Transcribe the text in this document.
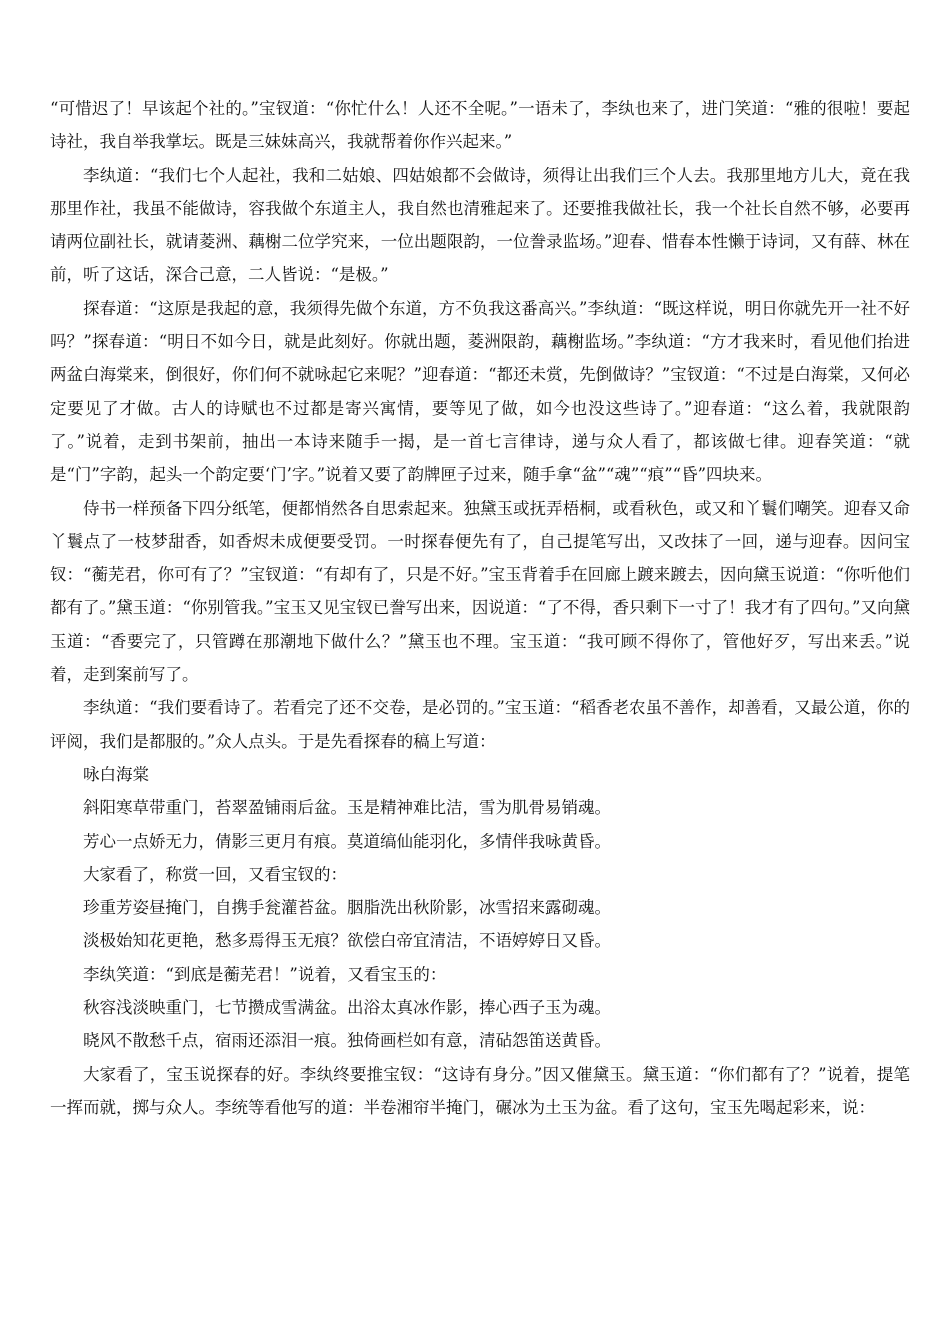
“可惜迟了！早该起个社的。”宝钗道：“你忙什么！人还不全呢。”一语未了，李纨也来了，进门笑道：“雅的很啦！要起诗社，我自举我掌坛。既是三妹妹高兴，我就帮着你作兴起来。”

李纨道：“我们七个人起社，我和二姑娘、四姑娘都不会做诗，须得让出我们三个人去。我那里地方儿大，竟在我那里作社，我虽不能做诗，容我做个东道主人，我自然也清雅起来了。还要推我做社长，我一个社长自然不够，必要再请两位副社长，就请菱洲、藕榭二位学究来，一位出题限韵，一位誊录监场。”迎春、惜春本性懒于诗词，又有薛、林在前，听了这话，深合己意，二人皆说：“是极。”

探春道：“这原是我起的意，我须得先做个东道，方不负我这番高兴。”李纨道：“既这样说，明日你就先开一社不好吗？”探春道：“明日不如今日，就是此刻好。你就出题，菱洲限韵，藕榭监场。”李纨道：“方才我来时，看见他们抬进两盆白海棠来，倒很好，你们何不就咏起它来呢？”迎春道：“都还未赏，先倒做诗？”宝钗道：“不过是白海棠，又何必定要见了才做。古人的诗赋也不过都是寄兴寓情，要等见了做，如今也没这些诗了。”迎春道：“这么着，我就限韵了。”说着，走到书架前，抽出一本诗来随手一揭，是一首七言律诗，递与众人看了，都该做七律。迎春笑道：“就是“门”字韵，起头一个韵定要‘门’字。”说着又要了韵牌匣子过来，随手拿“盆”“魂”“痕”“昏”四块来。

侍书一样预备下四分纸笔，便都悄然各自思索起来。独黛玉或抚弄梧桐，或看秋色，或又和丫鬟们嘲笑。迎春又命丫鬟点了一枝梦甜香，如香烬未成便要受罚。一时探春便先有了，自己提笔写出，又改抹了一回，递与迎春。因问宝钗：“蘅芜君，你可有了？”宝钗道：“有却有了，只是不好。”宝玉背着手在回廊上踱来踱去，因向黛玉说道：“你听他们都有了。”黛玉道：“你别管我。”宝玉又见宝钗已誊写出来，因说道：“了不得，香只剩下一寸了！我才有了四句。”又向黛玉道：“香要完了，只管蹲在那潮地下做什么？”黛玉也不理。宝玉道：“我可顾不得你了，管他好歹，写出来丢。”说着，走到案前写了。

李纨道：“我们要看诗了。若看完了还不交卷，是必罚的。”宝玉道：“稻香老农虽不善作，却善看，又最公道，你的评阅，我们是都服的。”众人点头。于是先看探春的稿上写道：

咏白海棠

斜阳寒草带重门，苔翠盈铺雨后盆。玉是精神难比洁，雪为肌骨易销魂。

芳心一点娇无力，倩影三更月有痕。莫道缟仙能羽化，多情伴我咏黄昏。

大家看了，称赏一回，又看宝钗的：

珍重芳姿昼掩门，自携手瓮灌苔盆。胭脂洗出秋阶影，冰雪招来露砌魂。

淡极始知花更艳，愁多焉得玉无痕？欲偿白帝宜清洁，不语婷婷日又昏。

李纨笑道：“到底是蘅芜君！”说着，又看宝玉的：

秋容浅淡映重门，七节攒成雪满盆。出浴太真冰作影，捧心西子玉为魂。

晓风不散愁千点，宿雨还添泪一痕。独倚画栏如有意，清砧怨笛送黄昏。

大家看了，宝玉说探春的好。李纨终要推宝钗：“这诗有身分。”因又催黛玉。黛玉道：“你们都有了？”说着，提笔一挥而就，掷与众人。李统等看他写的道：半卷湘帘半掩门，碾冰为土玉为盆。看了这句，宝玉先喝起彩来，说：
